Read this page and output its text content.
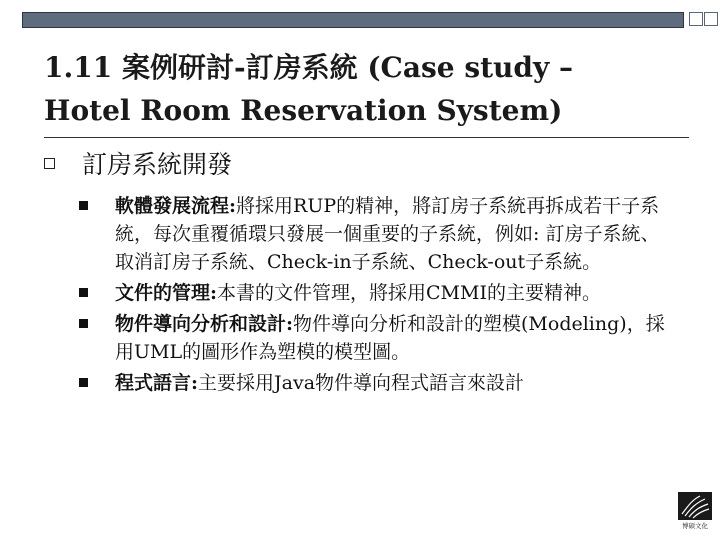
1.11 案例研討-訂房系統 (Case study –
Hotel Room Reservation System)
訂房系統開發
軟體發展流程:將採用RUP的精神，將訂房子系統再拆成若干子系統，每次重覆循環只發展一個重要的子系統，例如: 訂房子系統、取消訂房子系統、Check-in子系統、Check-out子系統。
文件的管理:本書的文件管理，將採用CMMI的主要精神。
物件導向分析和設計:物件導向分析和設計的塑模(Modeling)，採用UML的圖形作為塑模的模型圖。
程式語言:主要採用Java物件導向程式語言來設計
博碩文化
